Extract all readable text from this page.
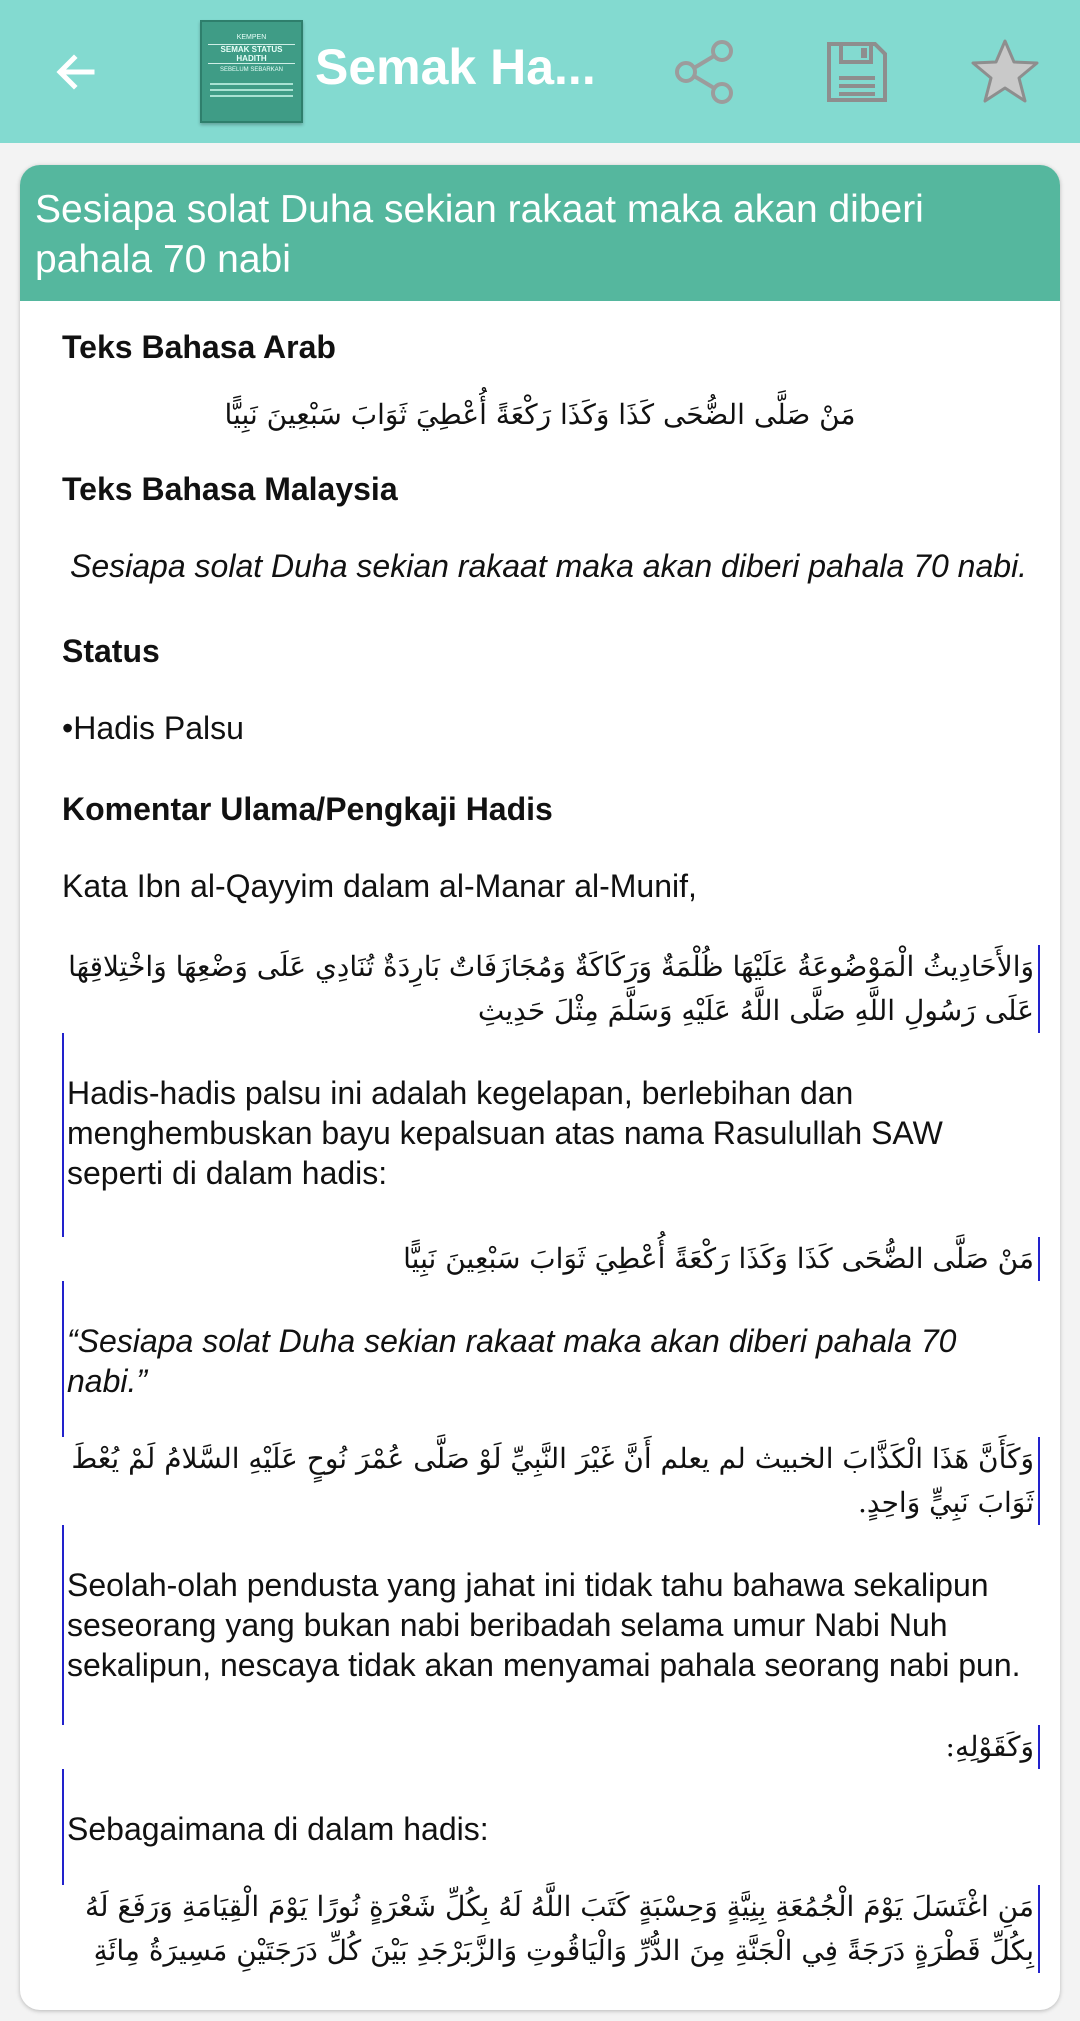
KEMPEN
SEMAK STATUS HADITH
SEBELUM SEBARKAN Semak Ha...
Sesiapa solat Duha sekian rakaat maka akan diberi pahala 70 nabi
Teks Bahasa Arab
مَنْ صَلَّى الضُّحَى كَذَا وَكَذَا رَكْعَةً أُعْطِيَ ثَوَابَ سَبْعِينَ نَبِيًّا
Teks Bahasa Malaysia
Sesiapa solat Duha sekian rakaat maka akan diberi pahala 70 nabi.
Status
•Hadis Palsu
Komentar Ulama/Pengkaji Hadis
Kata Ibn al-Qayyim dalam al-Manar al-Munif,
وَالأَحَادِيثُ الْمَوْضُوعَةُ عَلَيْهَا ظُلْمَةٌ وَرَكَاكَةٌ وَمُجَازَفَاتٌ بَارِدَةٌ تُنَادِي عَلَى وَضْعِهَا وَاخْتِلاقِهَا عَلَى رَسُولِ اللَّهِ صَلَّى اللَّهُ عَلَيْهِ وَسَلَّمَ مِثْلَ حَدِيثِ
Hadis-hadis palsu ini adalah kegelapan, berlebihan dan menghembuskan bayu kepalsuan atas nama Rasulullah SAW seperti di dalam hadis:
مَنْ صَلَّى الضُّحَى كَذَا وَكَذَا رَكْعَةً أُعْطِيَ ثَوَابَ سَبْعِينَ نَبِيًّا
“Sesiapa solat Duha sekian rakaat maka akan diberi pahala 70 nabi.”
وَكَأَنَّ هَذَا الْكَذَّابَ الخبيث لم يعلم أَنَّ غَيْرَ النَّبِيِّ لَوْ صَلَّى عُمْرَ نُوحٍ عَلَيْهِ السَّلامُ لَمْ يُعْطَ ثَوَابَ نَبِيٍّ وَاحِدٍ.
Seolah-olah pendusta yang jahat ini tidak tahu bahawa sekalipun seseorang yang bukan nabi beribadah selama umur Nabi Nuh sekalipun, nescaya tidak akan menyamai pahala seorang nabi pun.
وَكَقَوْلِهِ:
Sebagaimana di dalam hadis:
مَنِ اغْتَسَلَ يَوْمَ الْجُمُعَةِ بِنِيَّةٍ وَحِسْبَةٍ كَتَبَ اللَّهُ لَهُ بِكُلِّ شَعْرَةٍ نُورًا يَوْمَ الْقِيَامَةِ وَرَفَعَ لَهُ بِكُلِّ قَطْرَةٍ دَرَجَةً فِي الْجَنَّةِ مِنَ الدُّرِّ وَالْيَاقُوتِ وَالزَّبَرْجَدِ بَيْنَ كُلِّ دَرَجَتَيْنِ مَسِيرَةُ مِائَةِ
